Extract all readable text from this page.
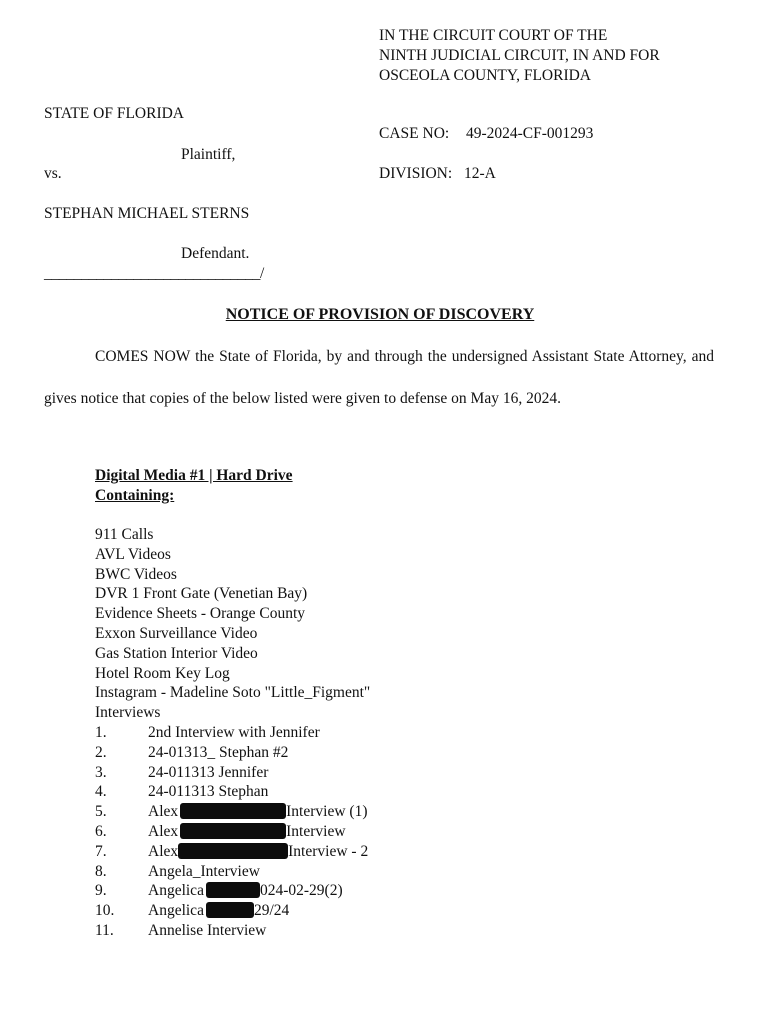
IN THE CIRCUIT COURT OF THE
NINTH JUDICIAL CIRCUIT, IN AND FOR
OSCEOLA COUNTY, FLORIDA
STATE OF FLORIDA
Plaintiff,
vs.
STEPHAN MICHAEL STERNS
Defendant.
_____________________________/
CASE NO: 49-2024-CF-001293
DIVISION: 12-A
NOTICE OF PROVISION OF DISCOVERY
COMES NOW the State of Florida, by and through the undersigned Assistant State Attorney, and gives notice that copies of the below listed were given to defense on May 16, 2024.
Digital Media #1 | Hard Drive
Containing:
911 Calls
AVL Videos
BWC Videos
DVR 1 Front Gate (Venetian Bay)
Evidence Sheets - Orange County
Exxon Surveillance Video
Gas Station Interior Video
Hotel Room Key Log
Instagram - Madeline Soto "Little_Figment"
Interviews
1.	2nd Interview with Jennifer
2.	24-01313_ Stephan #2
3.	24-011313 Jennifer
4.	24-011313 Stephan
5.	Alex	Interview (1)
6.	Alex	Interview
7.	Alex	Interview - 2
8.	Angela_Interview
9.	Angelica	024-02-29(2)
10. Angelica	29/24
11. Annelise Interview
